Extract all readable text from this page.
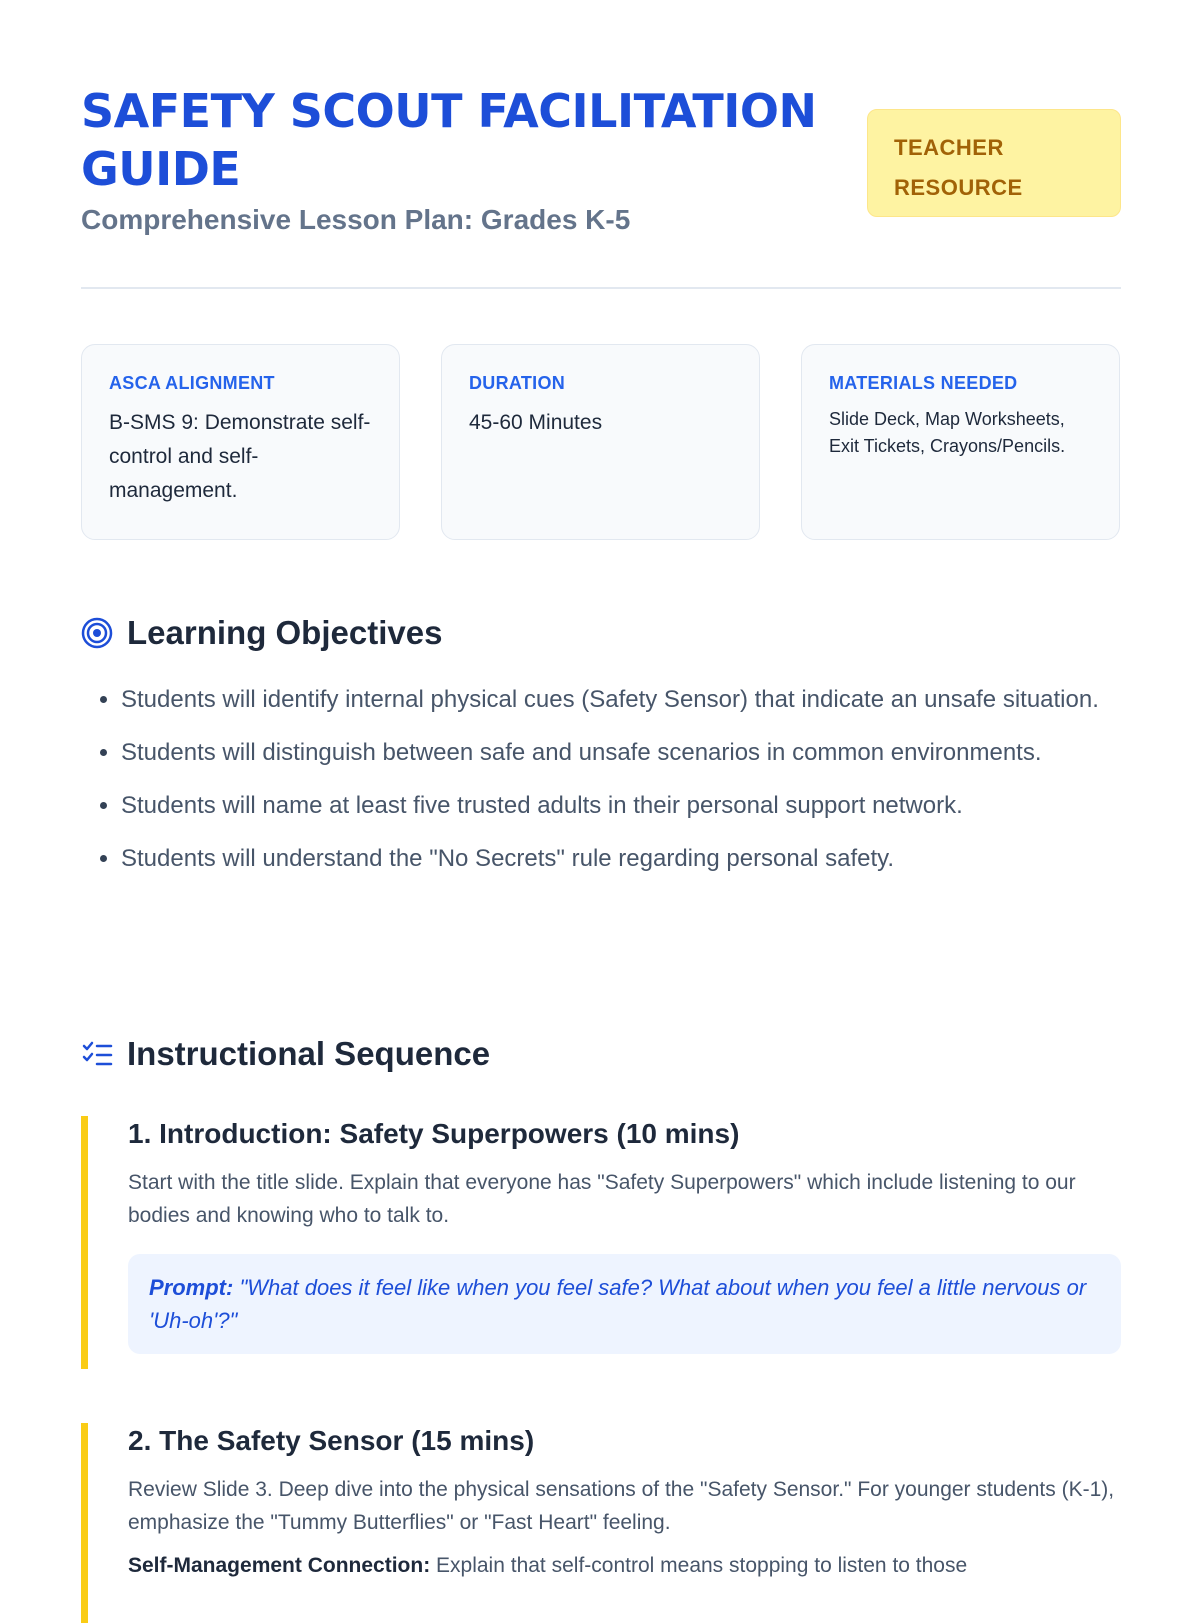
SAFETY SCOUT FACILITATION GUIDE
Comprehensive Lesson Plan: Grades K-5
TEACHER RESOURCE
ASCA ALIGNMENT
B-SMS 9: Demonstrate self-control and self-management.
DURATION
45-60 Minutes
MATERIALS NEEDED
Slide Deck, Map Worksheets, Exit Tickets, Crayons/Pencils.
Learning Objectives
• Students will identify internal physical cues (Safety Sensor) that indicate an unsafe situation.
• Students will distinguish between safe and unsafe scenarios in common environments.
• Students will name at least five trusted adults in their personal support network.
• Students will understand the "No Secrets" rule regarding personal safety.
Instructional Sequence
1. Introduction: Safety Superpowers (10 mins)

Start with the title slide. Explain that everyone has "Safety Superpowers" which include listening to our bodies and knowing who to talk to.

Prompt: "What does it feel like when you feel safe? What about when you feel a little nervous or 'Uh-oh'?"
2. The Safety Sensor (15 mins)

Review Slide 3. Deep dive into the physical sensations of the "Safety Sensor." For younger students (K-1), emphasize the "Tummy Butterflies" or "Fast Heart" feeling.

Self-Management Connection: Explain that self-control means stopping to listen to those
